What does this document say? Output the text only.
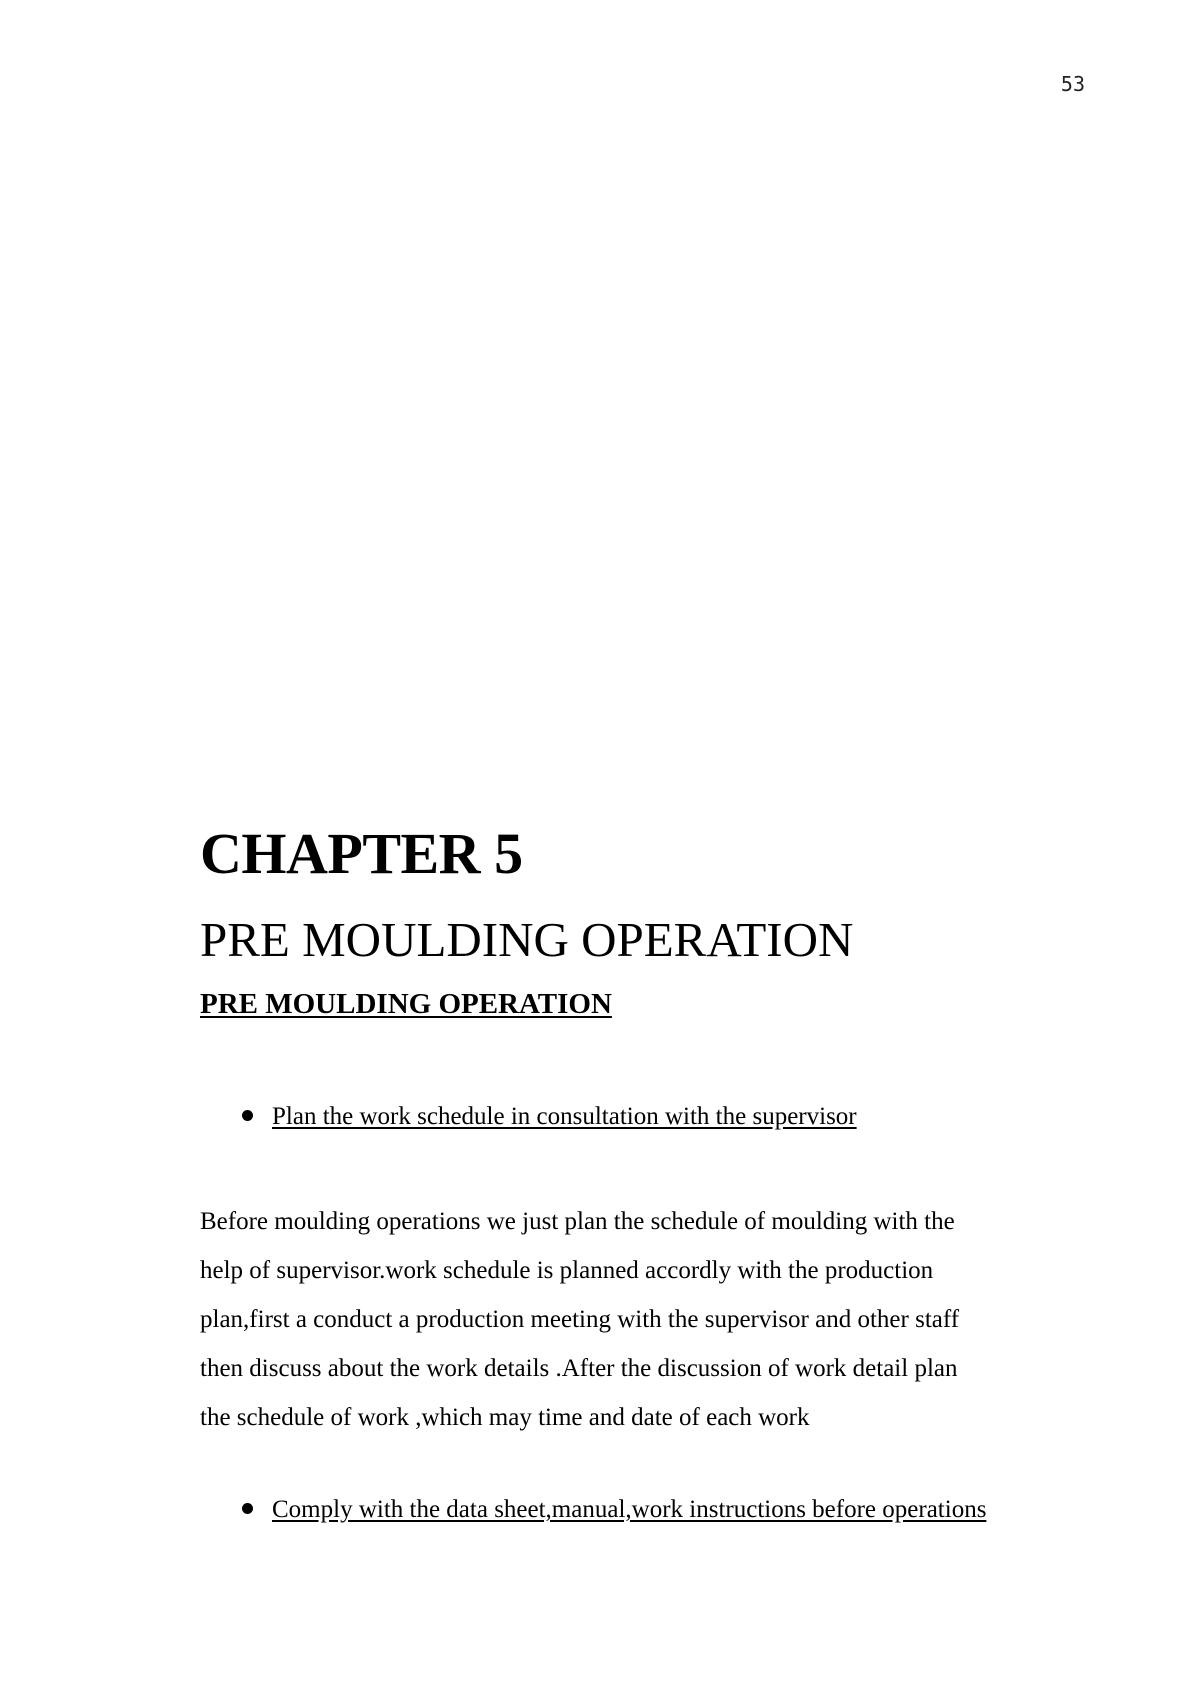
53
CHAPTER 5
PRE MOULDING OPERATION
PRE MOULDING OPERATION
Plan the work schedule in consultation with the supervisor

Before moulding operations we just plan the schedule of moulding with the
help of supervisor.work schedule is planned accordly with the production
plan,first a conduct a production meeting with the supervisor and other staff
then discuss about the work details .After the discussion of work detail plan
the schedule of work ,which may time and date of each work

Comply with the data sheet,manual,work instructions before operations
